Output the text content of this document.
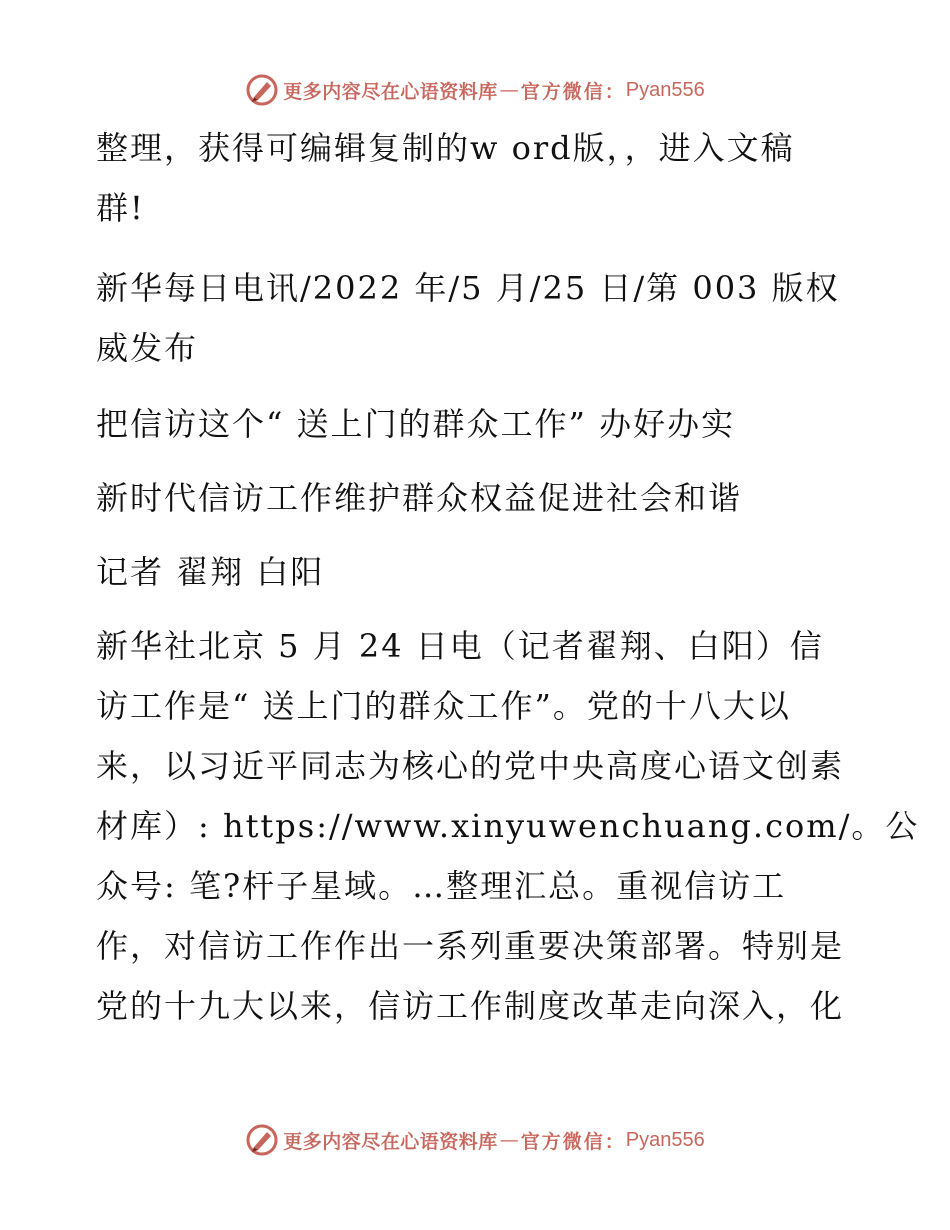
更多内容尽在心语资料库 — 官方微信： Pyan556
整理，获得可编辑复制的w ord版，，进入文稿
群!
新华每日电讯/2022 年/5 月/25 日/第 003 版权
威发布
把信访这个“ 送上门的群众工作” 办好办实
新时代信访工作维护群众权益促进社会和谐
记者 翟翔 白阳
新华社北京 5 月 24 日电（记者翟翔、白阳）信
访工作是“ 送上门的群众工作”。党的十八大以
来，以习近平同志为核心的党中央高度心语文创素
材库）: https://www.xinyuwenchuang.com/。公
众号: 笔?杆子星域。…整理汇总。重视信访工
作，对信访工作作出一系列重要决策部署。特别是
党的十九大以来，信访工作制度改革走向深入，化
更多内容尽在心语资料库 — 官方微信： Pyan556
